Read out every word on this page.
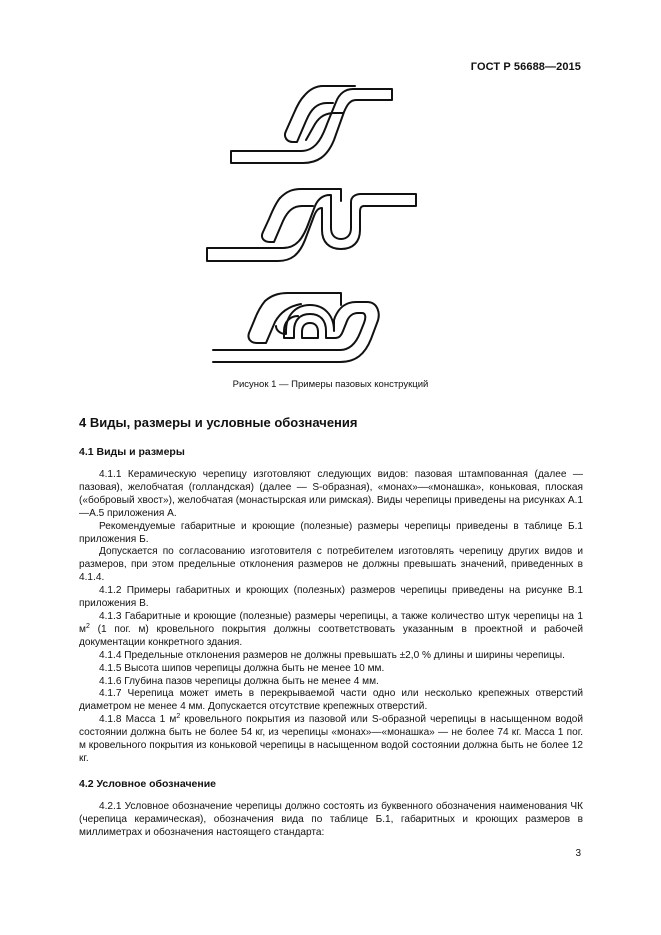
ГОСТ Р 56688—2015
Рисунок 1 — Примеры пазовых конструкций
4 Виды, размеры и условные обозначения
4.1 Виды и размеры

4.1.1 Керамическую черепицу изготовляют следующих видов: пазовая штампованная (далее — пазовая), желобчатая (голландская) (далее — S-образная), «монах»—«монашка», коньковая, плоская («бобровый хвост»), желобчатая (монастырская или римская). Виды черепицы приведены на рисунках А.1—А.5 приложения А.

Рекомендуемые габаритные и кроющие (полезные) размеры черепицы приведены в таблице Б.1 приложения Б.

Допускается по согласованию изготовителя с потребителем изготовлять черепицу других видов и размеров, при этом предельные отклонения размеров не должны превышать значений, приведенных в 4.1.4.

4.1.2 Примеры габаритных и кроющих (полезных) размеров черепицы приведены на рисунке В.1 приложения В.

4.1.3 Габаритные и кроющие (полезные) размеры черепицы, а также количество штук черепицы на 1 $м^2$ (1 пог. м) кровельного покрытия должны соответствовать указанным в проектной и рабочей документации конкретного здания.

4.1.4 Предельные отклонения размеров не должны превышать ±2,0 % длины и ширины черепицы.

4.1.5 Высота шипов черепицы должна быть не менее 10 мм.

4.1.6 Глубина пазов черепицы должна быть не менее 4 мм.

4.1.7 Черепица может иметь в перекрываемой части одно или несколько крепежных отверстий диаметром не менее 4 мм. Допускается отсутствие крепежных отверстий.

4.1.8 Масса 1 $м^2$ кровельного покрытия из пазовой или S-образной черепицы в насыщенном водой состоянии должна быть не более 54 кг, из черепицы «монах»—«монашка» — не более 74 кг. Масса 1 пог. м кровельного покрытия из коньковой черепицы в насыщенном водой состоянии должна быть не более 12 кг.

4.2 Условное обозначение

4.2.1 Условное обозначение черепицы должно состоять из буквенного обозначения наименования ЧК (черепица керамическая), обозначения вида по таблице Б.1, габаритных и кроющих размеров в миллиметрах и обозначения настоящего стандарта:

3
